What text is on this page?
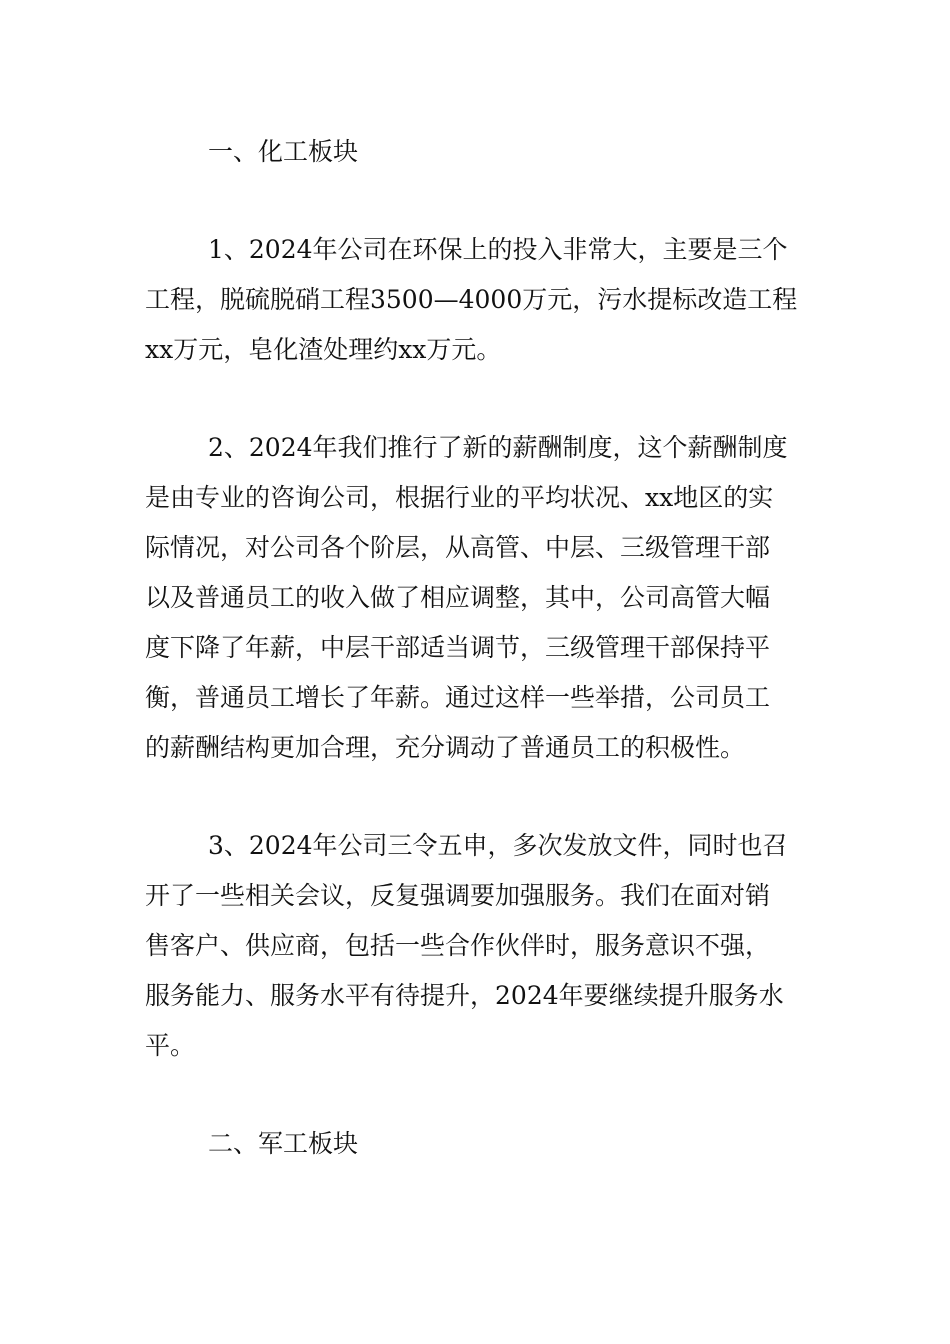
一、化工板块
1、2024年公司在环保上的投入非常大，主要是三个
工程，脱硫脱硝工程3500—4000万元，污水提标改造工程
xx万元，皂化渣处理约xx万元。
2、2024年我们推行了新的薪酬制度，这个薪酬制度
是由专业的咨询公司，根据行业的平均状况、xx地区的实
际情况，对公司各个阶层，从高管、中层、三级管理干部
以及普通员工的收入做了相应调整，其中，公司高管大幅
度下降了年薪，中层干部适当调节，三级管理干部保持平
衡，普通员工增长了年薪。通过这样一些举措，公司员工
的薪酬结构更加合理，充分调动了普通员工的积极性。
3、2024年公司三令五申，多次发放文件，同时也召
开了一些相关会议，反复强调要加强服务。我们在面对销
售客户、供应商，包括一些合作伙伴时，服务意识不强，
服务能力、服务水平有待提升，2024年要继续提升服务水
平。
二、军工板块
